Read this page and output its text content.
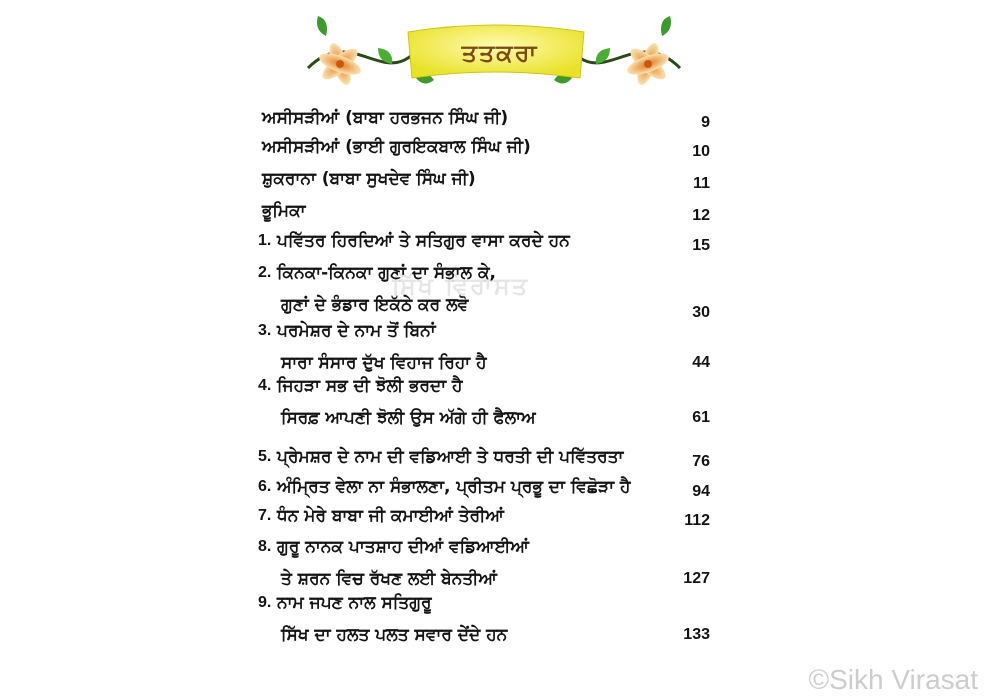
ਤਤਕਰਾ
ਸਿੱਖ ਵਿਰਾਸਤ
ਅਸੀਸੜੀਆਂ (ਬਾਬਾ ਹਰਭਜਨ ਸਿੰਘ ਜੀ)	9
ਅਸੀਸੜੀਆਂ (ਭਾਈ ਗੁਰਇਕਬਾਲ ਸਿੰਘ ਜੀ)	10
ਸ਼ੁਕਰਾਨਾ (ਬਾਬਾ ਸੁਖਦੇਵ ਸਿੰਘ ਜੀ)	11
ਭੂਮਿਕਾ	12
1. ਪਵਿੱਤਰ ਹਿਰਦਿਆਂ ਤੇ ਸਤਿਗੁਰ ਵਾਸਾ ਕਰਦੇ ਹਨ	15
2. ਕਿਨਕਾ-ਕਿਨਕਾ ਗੁਣਾਂ ਦਾ ਸੰਭਾਲ ਕੇ,
ਗੁਣਾਂ ਦੇ ਭੰਡਾਰ ਇਕੱਠੇ ਕਰ ਲਵੋ	30
3. ਪਰਮੇਸ਼ਰ ਦੇ ਨਾਮ ਤੋਂ ਬਿਨਾਂ
ਸਾਰਾ ਸੰਸਾਰ ਦੁੱਖ ਵਿਹਾਜ ਰਿਹਾ ਹੈ	44
4. ਜਿਹੜਾ ਸਭ ਦੀ ਝੋਲੀ ਭਰਦਾ ਹੈ
ਸਿਰਫ਼ ਆਪਣੀ ਝੋਲੀ ਉਸ ਅੱਗੇ ਹੀ ਫੈਲਾਅ	61
5. ਪ੍ਰੇਮਸ਼ਰ ਦੇ ਨਾਮ ਦੀ ਵਡਿਆਈ ਤੇ ਧਰਤੀ ਦੀ ਪਵਿੱਤਰਤਾ	76
6. ਅੰਮ੍ਰਿਤ ਵੇਲਾ ਨਾ ਸੰਭਾਲਣਾ, ਪ੍ਰੀਤਮ ਪ੍ਰਭੂ ਦਾ ਵਿਛੋੜਾ ਹੈ	94
7. ਧੰਨ ਮੇਰੇ ਬਾਬਾ ਜੀ ਕਮਾਈਆਂ ਤੇਰੀਆਂ	112
8. ਗੁਰੂ ਨਾਨਕ ਪਾਤਸ਼ਾਹ ਦੀਆਂ ਵਡਿਆਈਆਂ
ਤੇ ਸ਼ਰਨ ਵਿਚ ਰੱਖਣ ਲਈ ਬੇਨਤੀਆਂ	127
9. ਨਾਮ ਜਪਣ ਨਾਲ ਸਤਿਗੁਰੂ
ਸਿੱਖ ਦਾ ਹਲਤ ਪਲਤ ਸਵਾਰ ਦੇਂਦੇ ਹਨ	133
©Sikh Virasat
